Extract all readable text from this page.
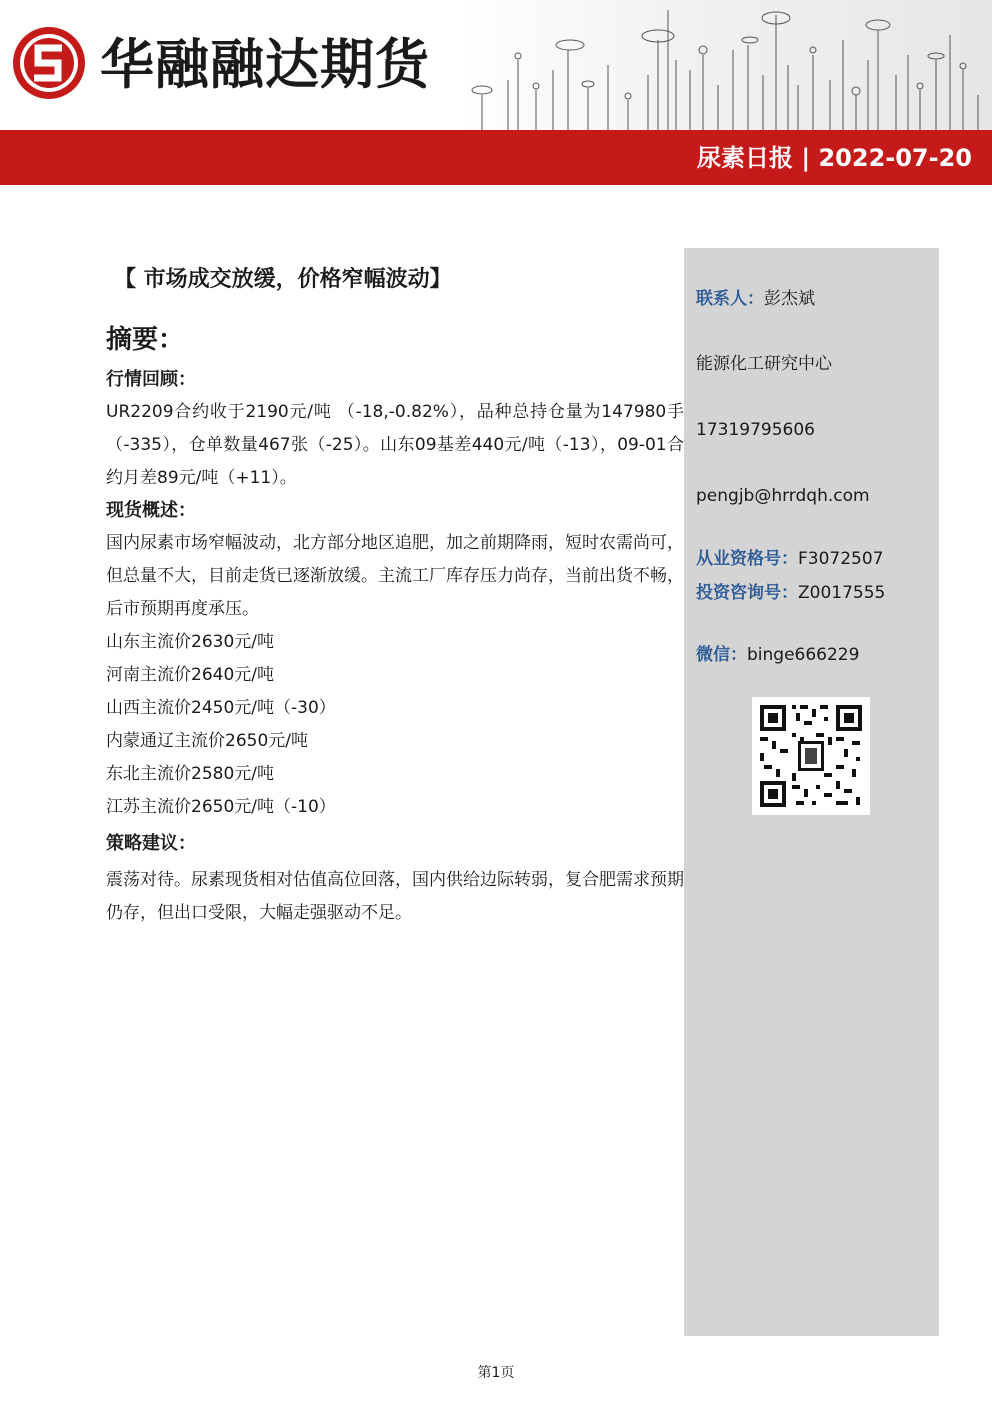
华融融达期货
尿素日报 | 2022-07-20
【 市场成交放缓，价格窄幅波动】
摘要：
行情回顾：

UR2209合约收于2190元/吨 （-18,-0.82%），品种总持仓量为147980手（-335），仓单数量467张（-25）。山东09基差440元/吨（-13），09-01合约月差89元/吨（+11）。

现货概述：

国内尿素市场窄幅波动，北方部分地区追肥，加之前期降雨，短时农需尚可，但总量不大，目前走货已逐渐放缓。主流工厂库存压力尚存，当前出货不畅，后市预期再度承压。

山东主流价2630元/吨
河南主流价2640元/吨
山西主流价2450元/吨（-30）
内蒙通辽主流价2650元/吨
东北主流价2580元/吨
江苏主流价2650元/吨（-10）
策略建议：

震荡对待。尿素现货相对估值高位回落，国内供给边际转弱，复合肥需求预期仍存，但出口受限，大幅走强驱动不足。

联系人：彭杰斌
能源化工研究中心
17319795606
pengjb@hrrdqh.com
从业资格号：F3072507
投资咨询号：Z0017555
微信：binge666229
第1页
